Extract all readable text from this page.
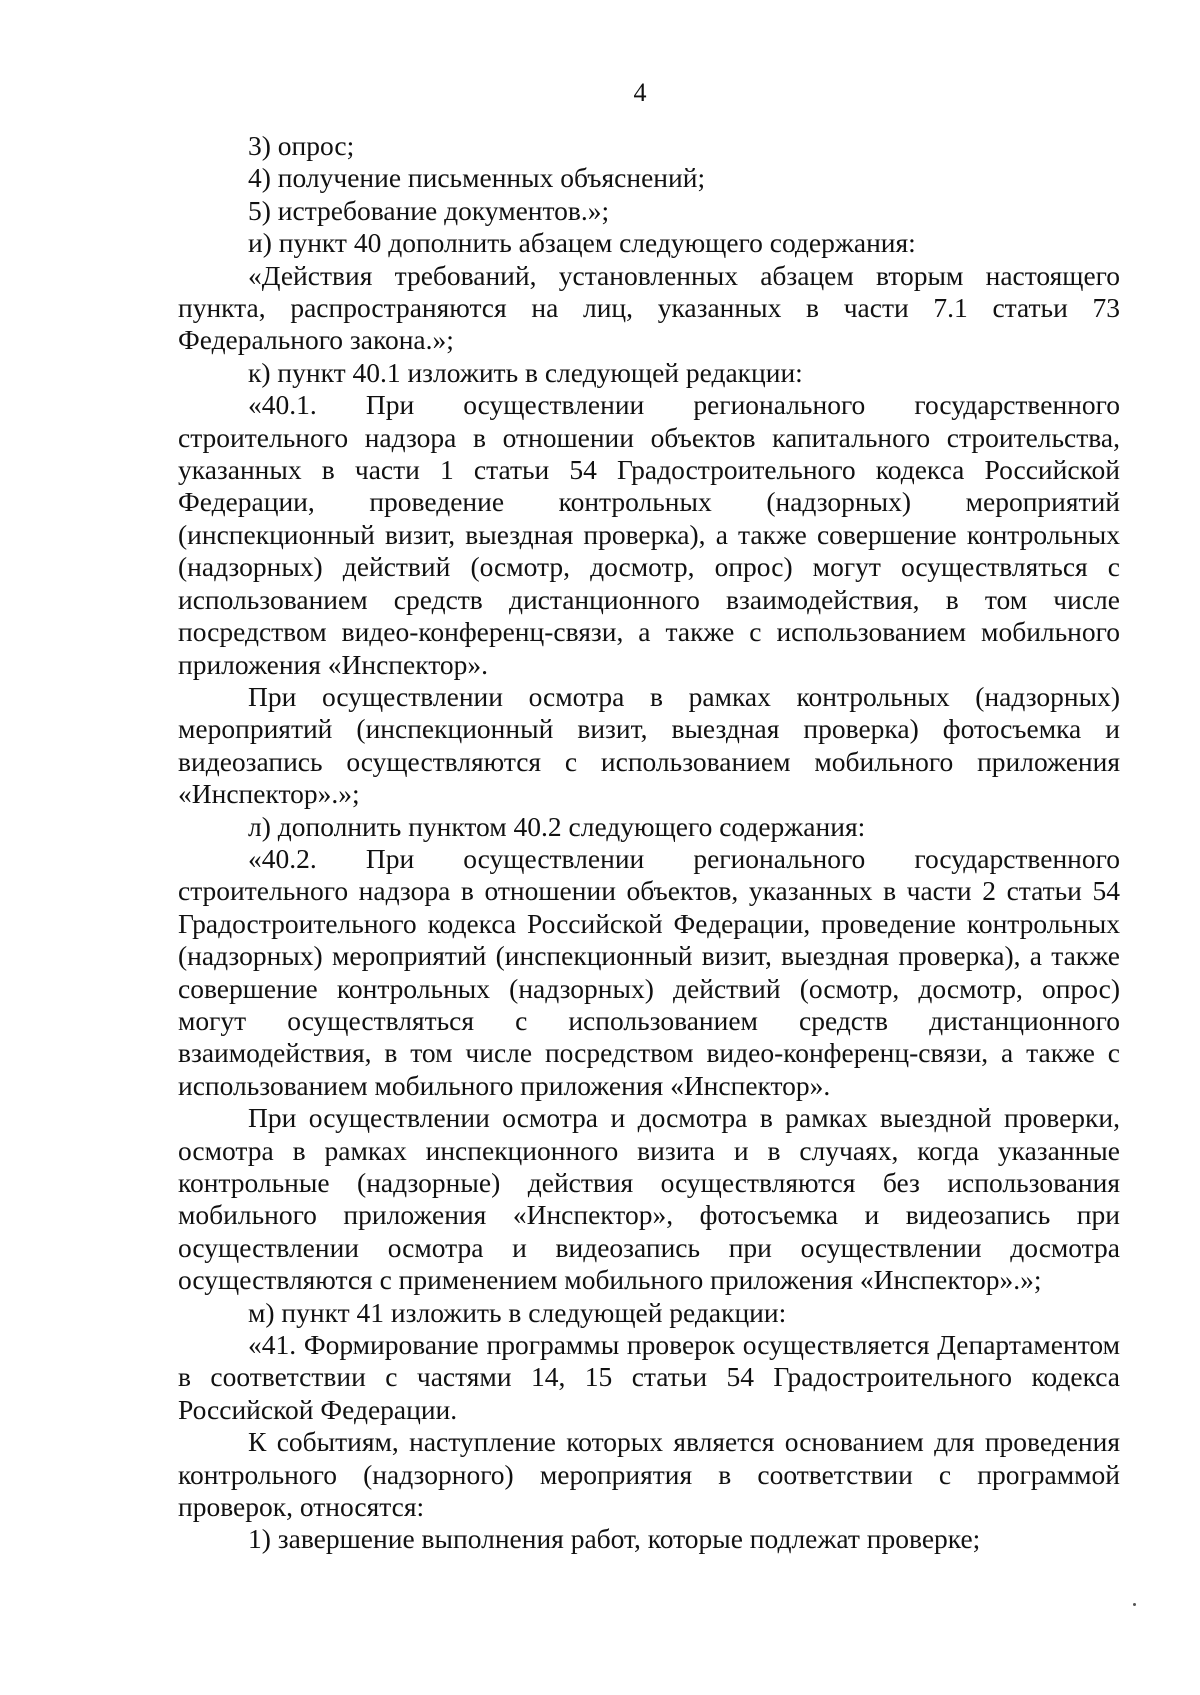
4

3) опрос;

4) получение письменных объяснений;

5) истребование документов.»;

и) пункт 40 дополнить абзацем следующего содержания:

«Действия требований, установленных абзацем вторым настоящего пункта, распространяются на лиц, указанных в части 7.1 статьи 73 Федерального закона.»;

к) пункт 40.1 изложить в следующей редакции:

«40.1. При осуществлении регионального государственного строительного надзора в отношении объектов капитального строительства, указанных в части 1 статьи 54 Градостроительного кодекса Российской Федерации, проведение контрольных (надзорных) мероприятий (инспекционный визит, выездная проверка), а также совершение контрольных (надзорных) действий (осмотр, досмотр, опрос) могут осуществляться с использованием средств дистанционного взаимодействия, в том числе посредством видео-конференц-связи, а также с использованием мобильного приложения «Инспектор».

При осуществлении осмотра в рамках контрольных (надзорных) мероприятий (инспекционный визит, выездная проверка) фотосъемка и видеозапись осуществляются с использованием мобильного приложения «Инспектор».»;

л) дополнить пунктом 40.2 следующего содержания:

«40.2. При осуществлении регионального государственного строительного надзора в отношении объектов, указанных в части 2 статьи 54 Градостроительного кодекса Российской Федерации, проведение контрольных (надзорных) мероприятий (инспекционный визит, выездная проверка), а также совершение контрольных (надзорных) действий (осмотр, досмотр, опрос) могут осуществляться с использованием средств дистанционного взаимодействия, в том числе посредством видео-конференц-связи, а также с использованием мобильного приложения «Инспектор».

При осуществлении осмотра и досмотра в рамках выездной проверки, осмотра в рамках инспекционного визита и в случаях, когда указанные контрольные (надзорные) действия осуществляются без использования мобильного приложения «Инспектор», фотосъемка и видеозапись при осуществлении осмотра и видеозапись при осуществлении досмотра осуществляются с применением мобильного приложения «Инспектор».»;

м) пункт 41 изложить в следующей редакции:

«41. Формирование программы проверок осуществляется Департаментом в соответствии с частями 14, 15 статьи 54 Градостроительного кодекса Российской Федерации.

К событиям, наступление которых является основанием для проведения контрольного (надзорного) мероприятия в соответствии с программой проверок, относятся:

1) завершение выполнения работ, которые подлежат проверке;
